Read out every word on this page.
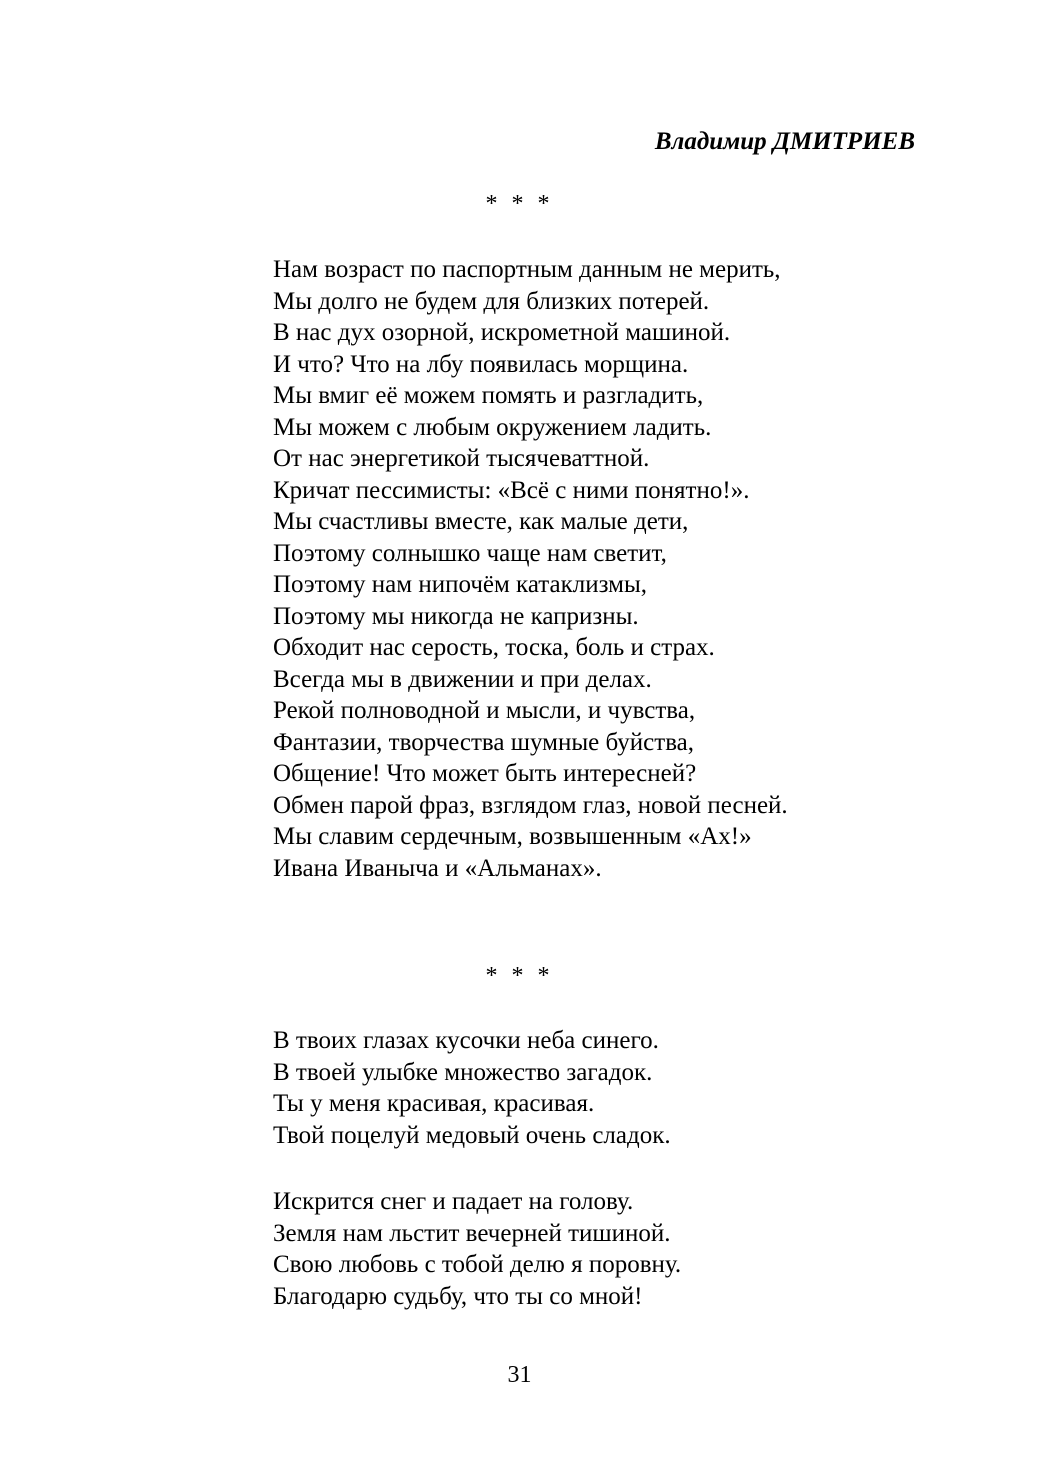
Владимир ДМИТРИЕВ
* * *
Нам возраст по паспортным данным не мерить,
Мы долго не будем для близких потерей.
В нас дух озорной, искрометной машиной.
И что? Что на лбу появилась морщина.
Мы вмиг её можем помять и разгладить,
Мы можем с любым окружением ладить.
От нас энергетикой тысячеваттной.
Кричат пессимисты: «Всё с ними понятно!».
Мы счастливы вместе, как малые дети,
Поэтому солнышко чаще нам светит,
Поэтому нам нипочём катаклизмы,
Поэтому мы никогда не капризны.
Обходит нас серость, тоска, боль и страх.
Всегда мы в движении и при делах.
Рекой полноводной и мысли, и чувства,
Фантазии, творчества шумные буйства,
Общение! Что может быть интересней?
Обмен парой фраз, взглядом глаз, новой песней.
Мы славим сердечным, возвышенным «Ах!»
Ивана Иваныча и «Альманах».
* * *
В твоих глазах кусочки неба синего.
В твоей улыбке множество загадок.
Ты у меня красивая, красивая.
Твой поцелуй медовый очень сладок.
Искрится снег и падает на голову.
Земля нам льстит вечерней тишиной.
Свою любовь с тобой делю я поровну.
Благодарю судьбу, что ты со мной!
31
